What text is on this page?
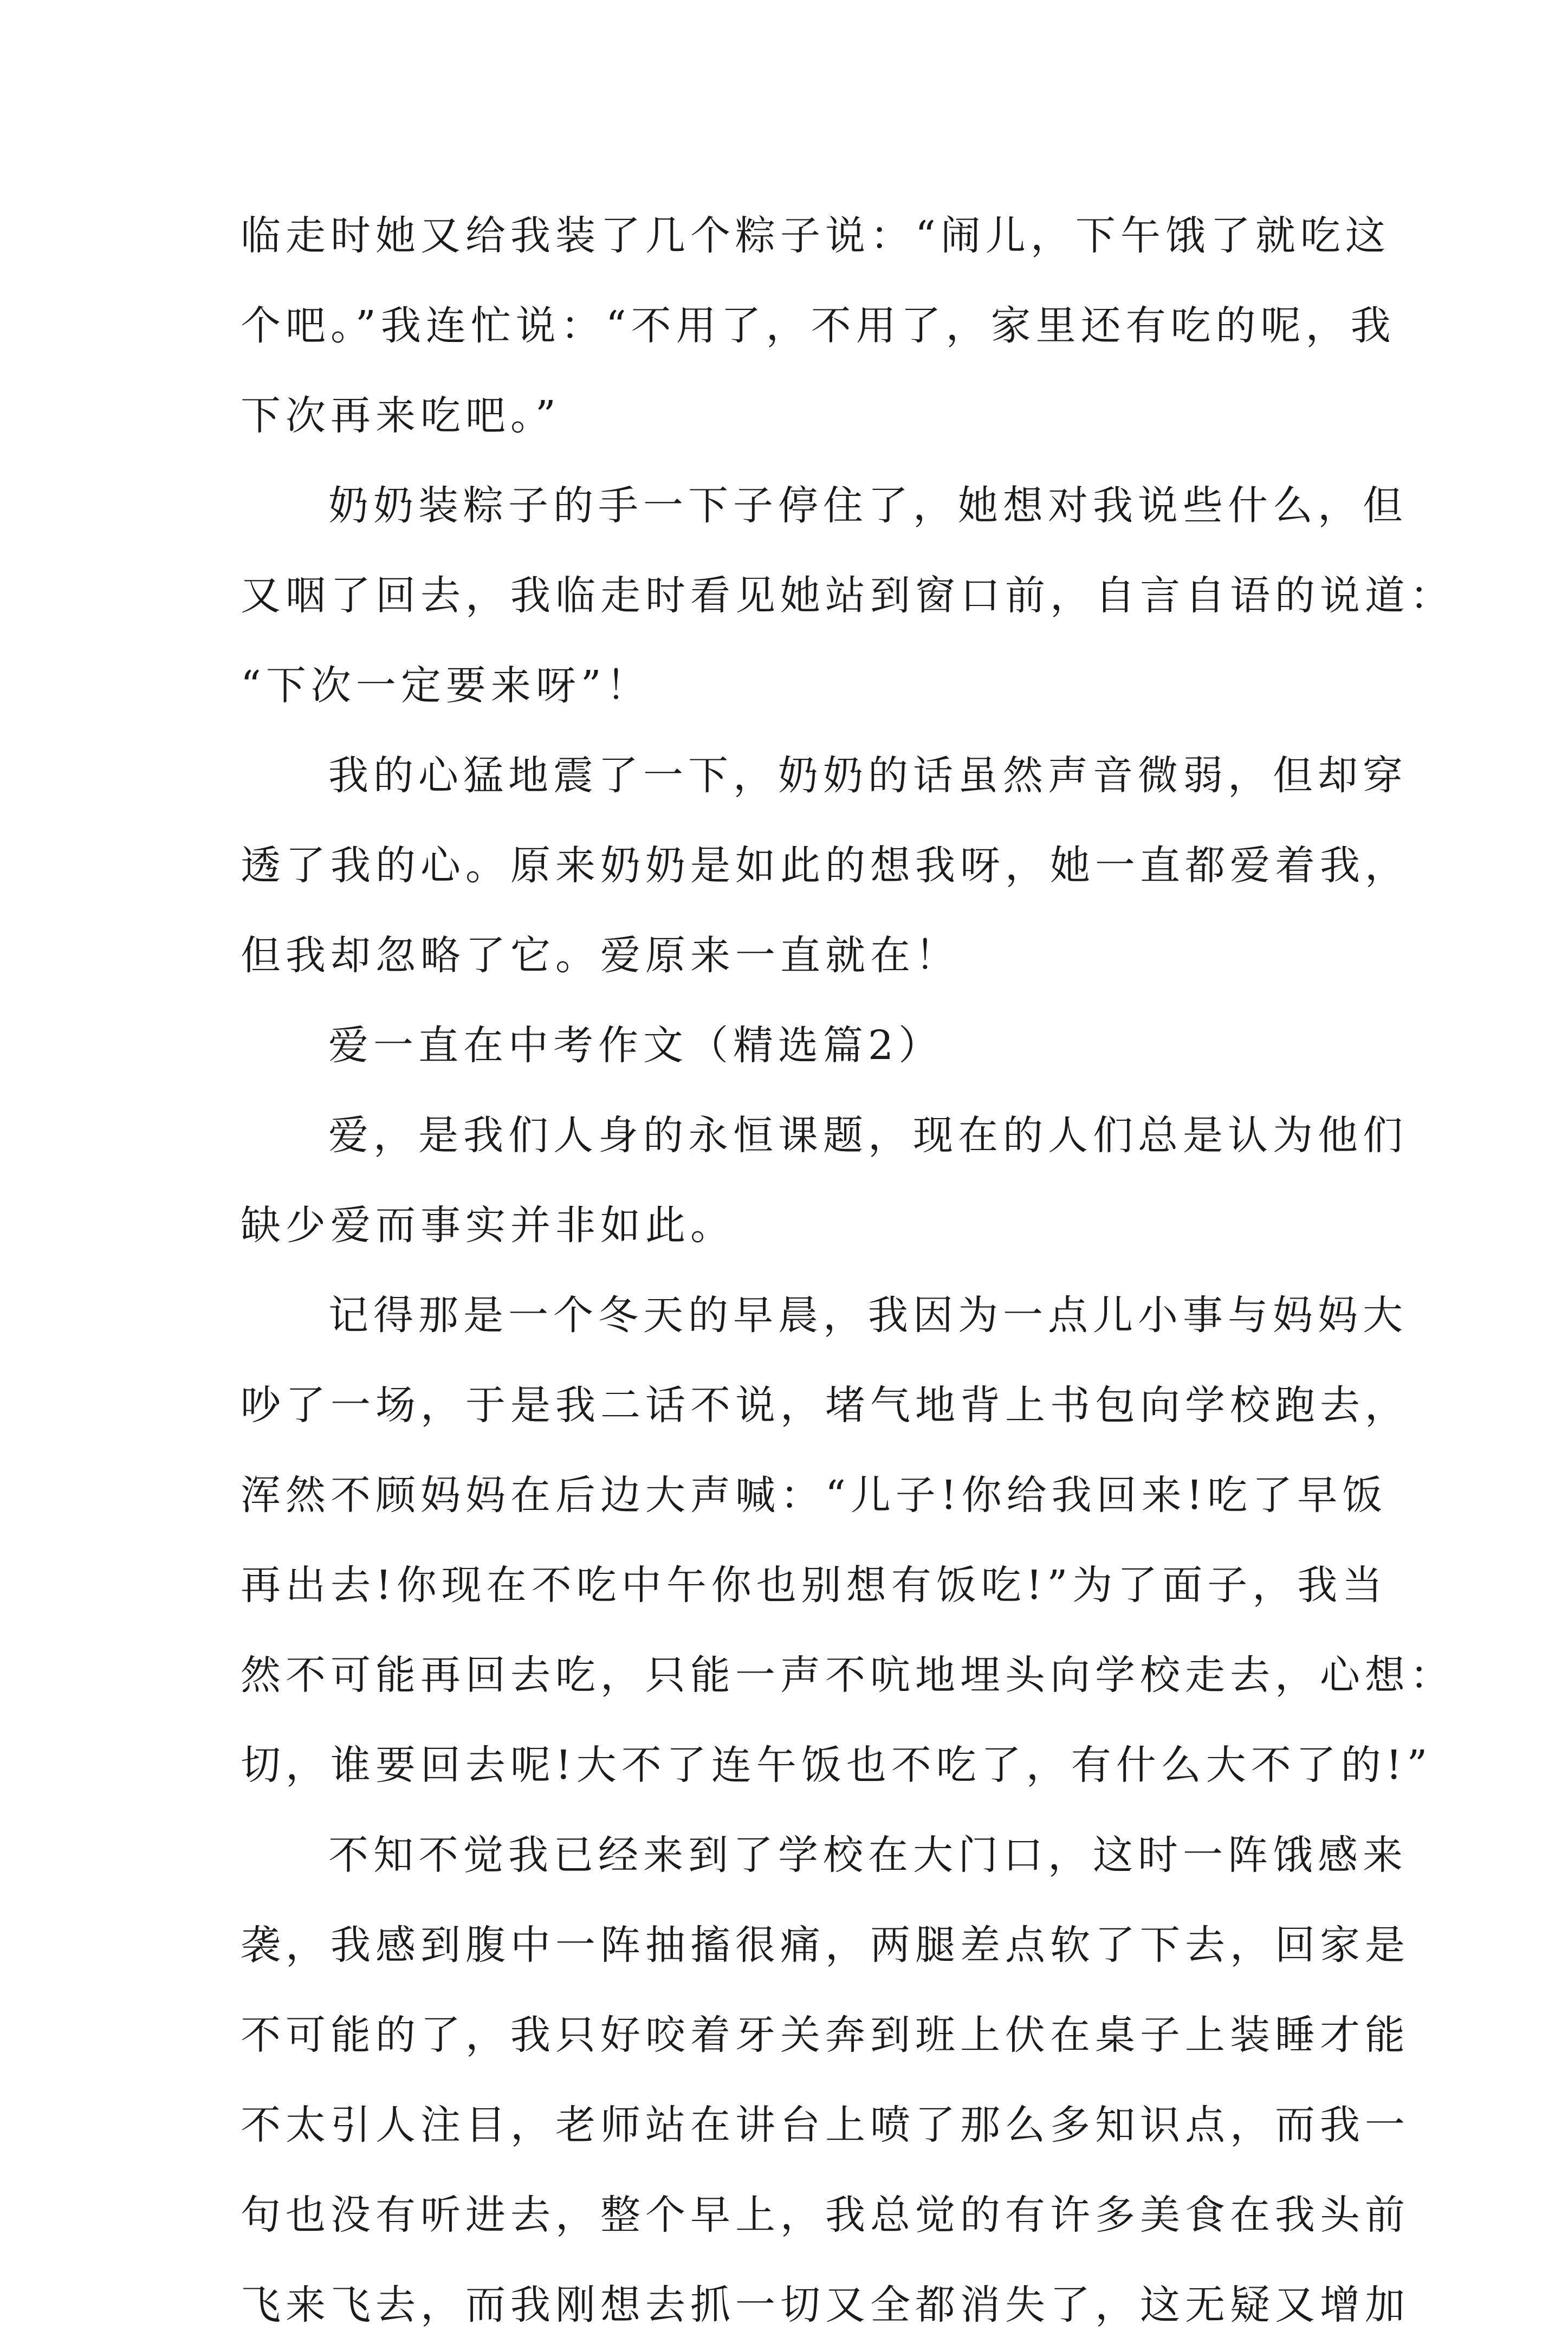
临走时她又给我装了几个粽子说：“闹儿，下午饿了就吃这
个吧。”我连忙说：“不用了，不用了，家里还有吃的呢，我
下次再来吃吧。”
奶奶装粽子的手一下子停住了，她想对我说些什么，但
又咽了回去，我临走时看见她站到窗口前，自言自语的说道：
“下次一定要来呀”！
我的心猛地震了一下，奶奶的话虽然声音微弱，但却穿
透了我的心。原来奶奶是如此的想我呀，她一直都爱着我，
但我却忽略了它。爱原来一直就在！
爱一直在中考作文（精选篇2）
爱，是我们人身的永恒课题，现在的人们总是认为他们
缺少爱而事实并非如此。
记得那是一个冬天的早晨，我因为一点儿小事与妈妈大
吵了一场，于是我二话不说，堵气地背上书包向学校跑去，
浑然不顾妈妈在后边大声喊：“儿子!你给我回来!吃了早饭
再出去!你现在不吃中午你也别想有饭吃!”为了面子，我当
然不可能再回去吃，只能一声不吭地埋头向学校走去，心想：
切，谁要回去呢!大不了连午饭也不吃了，有什么大不了的!”
不知不觉我已经来到了学校在大门口，这时一阵饿感来
袭，我感到腹中一阵抽搐很痛，两腿差点软了下去，回家是
不可能的了，我只好咬着牙关奔到班上伏在桌子上装睡才能
不太引人注目，老师站在讲台上喷了那么多知识点，而我一
句也没有听进去，整个早上，我总觉的有许多美食在我头前
飞来飞去，而我刚想去抓一切又全都消失了，这无疑又增加
